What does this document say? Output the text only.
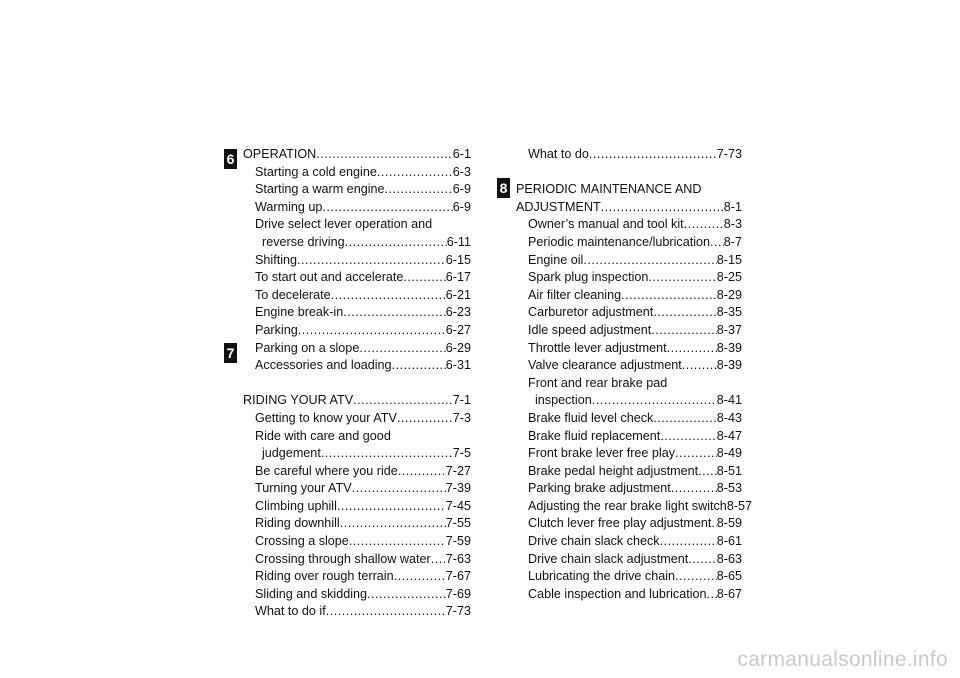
6
7
8
OPERATION . . .	6-1
Starting a cold engine . . .	6-3
Starting a warm engine . . .	6-9
Warming up . . .	6-9
Drive select lever operation and
reverse driving . . .	6-11
Shifting . . .	6-15
To start out and accelerate . . .	6-17
To decelerate . . .	6-21
Engine break-in . . .	6-23
Parking . . .	6-27
Parking on a slope . . .	6-29
Accessories and loading . . .	6-31
RIDING YOUR ATV . . .	7-1
Getting to know your ATV . . .	7-3
Ride with care and good
judgement . . .	7-5
Be careful where you ride . . .	7-27
Turning your ATV . . .	7-39
Climbing uphill . . .	7-45
Riding downhill . . .	7-55
Crossing a slope . . .	7-59
Crossing through shallow water . . . 7-63
Riding over rough terrain . . .	7-67
Sliding and skidding . . .	7-69
What to do if . . .	7-73
What to do . . .	7-73
PERIODIC MAINTENANCE AND
ADJUSTMENT . . .	8-1
Owner’s manual and tool kit . . .	8-3
Periodic maintenance/lubrication . . . 8-7
Engine oil . . .	8-15
Spark plug inspection . . .	8-25
Air filter cleaning . . .	8-29
Carburetor adjustment . . .	8-35
Idle speed adjustment . . .	8-37
Throttle lever adjustment . . .	8-39
Valve clearance adjustment . . .	8-39
Front and rear brake pad
inspection . . .	8-41
Brake fluid level check . . .	8-43
Brake fluid replacement . . .	8-47
Front brake lever free play . . .	8-49
Brake pedal height adjustment . . . 8-51
Parking brake adjustment . . .	8-53
Adjusting the rear brake light switch 8-57
Clutch lever free play adjustment . . . 8-59
Drive chain slack check . . .	8-61
Drive chain slack adjustment . . . 8-63
Lubricating the drive chain . . .	8-65
Cable inspection and lubrication . . . 8-67
carmanualsonline.info
